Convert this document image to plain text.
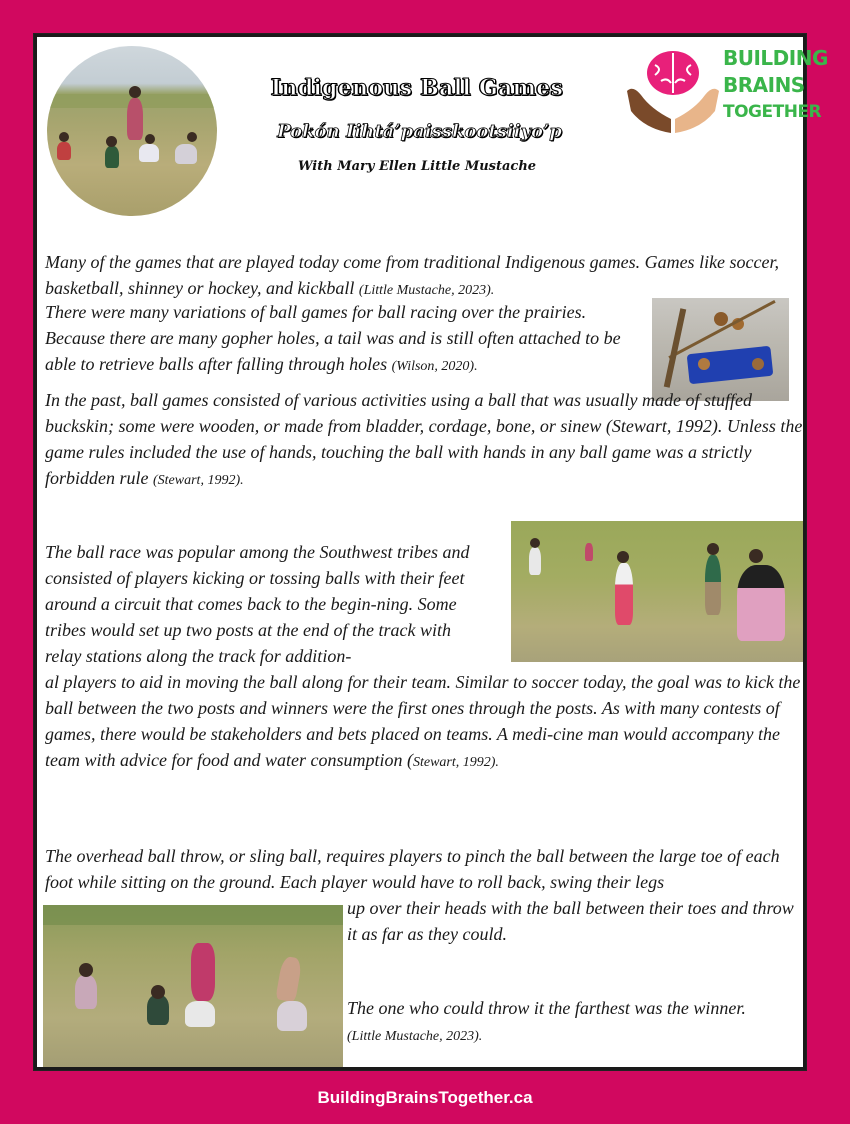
Indigenous Ball Games
Pokón Iihtá’paisskootsiiyo’p
With Mary Ellen Little Mustache
BUILDING
BRAINS
TOGETHER

Many of the games that are played today come from traditional Indigenous games. Games like soccer, basketball, shinney or hockey, and kickball (Little Mustache, 2023).

There were many variations of ball games for ball racing over the prairies. Because there are many gopher holes, a tail was and is still often attached to be able to retrieve balls after falling through holes (Wilson, 2020).

In the past, ball games consisted of various activities using a ball that was usually made of stuffed buckskin; some were wooden, or made from bladder, cordage, bone, or sinew (Stewart, 1992). Unless the game rules included the use of hands, touching the ball with hands in any ball game was a strictly forbidden rule (Stewart, 1992).

The ball race was popular among the Southwest tribes and consisted of players kicking or tossing balls with their feet around a circuit that comes back to the begin-ning. Some tribes would set up two posts at the end of the track with relay stations along the track for addition-

al players to aid in moving the ball along for their team. Similar to soccer today, the goal was to kick the ball between the two posts and winners were the first ones through the posts. As with many contests of games, there would be stakeholders and bets placed on teams. A medi-cine man would accompany the team with advice for food and water consumption (Stewart, 1992).

The overhead ball throw, or sling ball, requires players to pinch the ball between the large toe of each foot while sitting on the ground. Each player would have to roll back, swing their legs

up over their heads with the ball between their toes and throw it as far as they could.

The one who could throw it the farthest was the winner.
(Little Mustache, 2023).

BuildingBrainsTogether.ca
